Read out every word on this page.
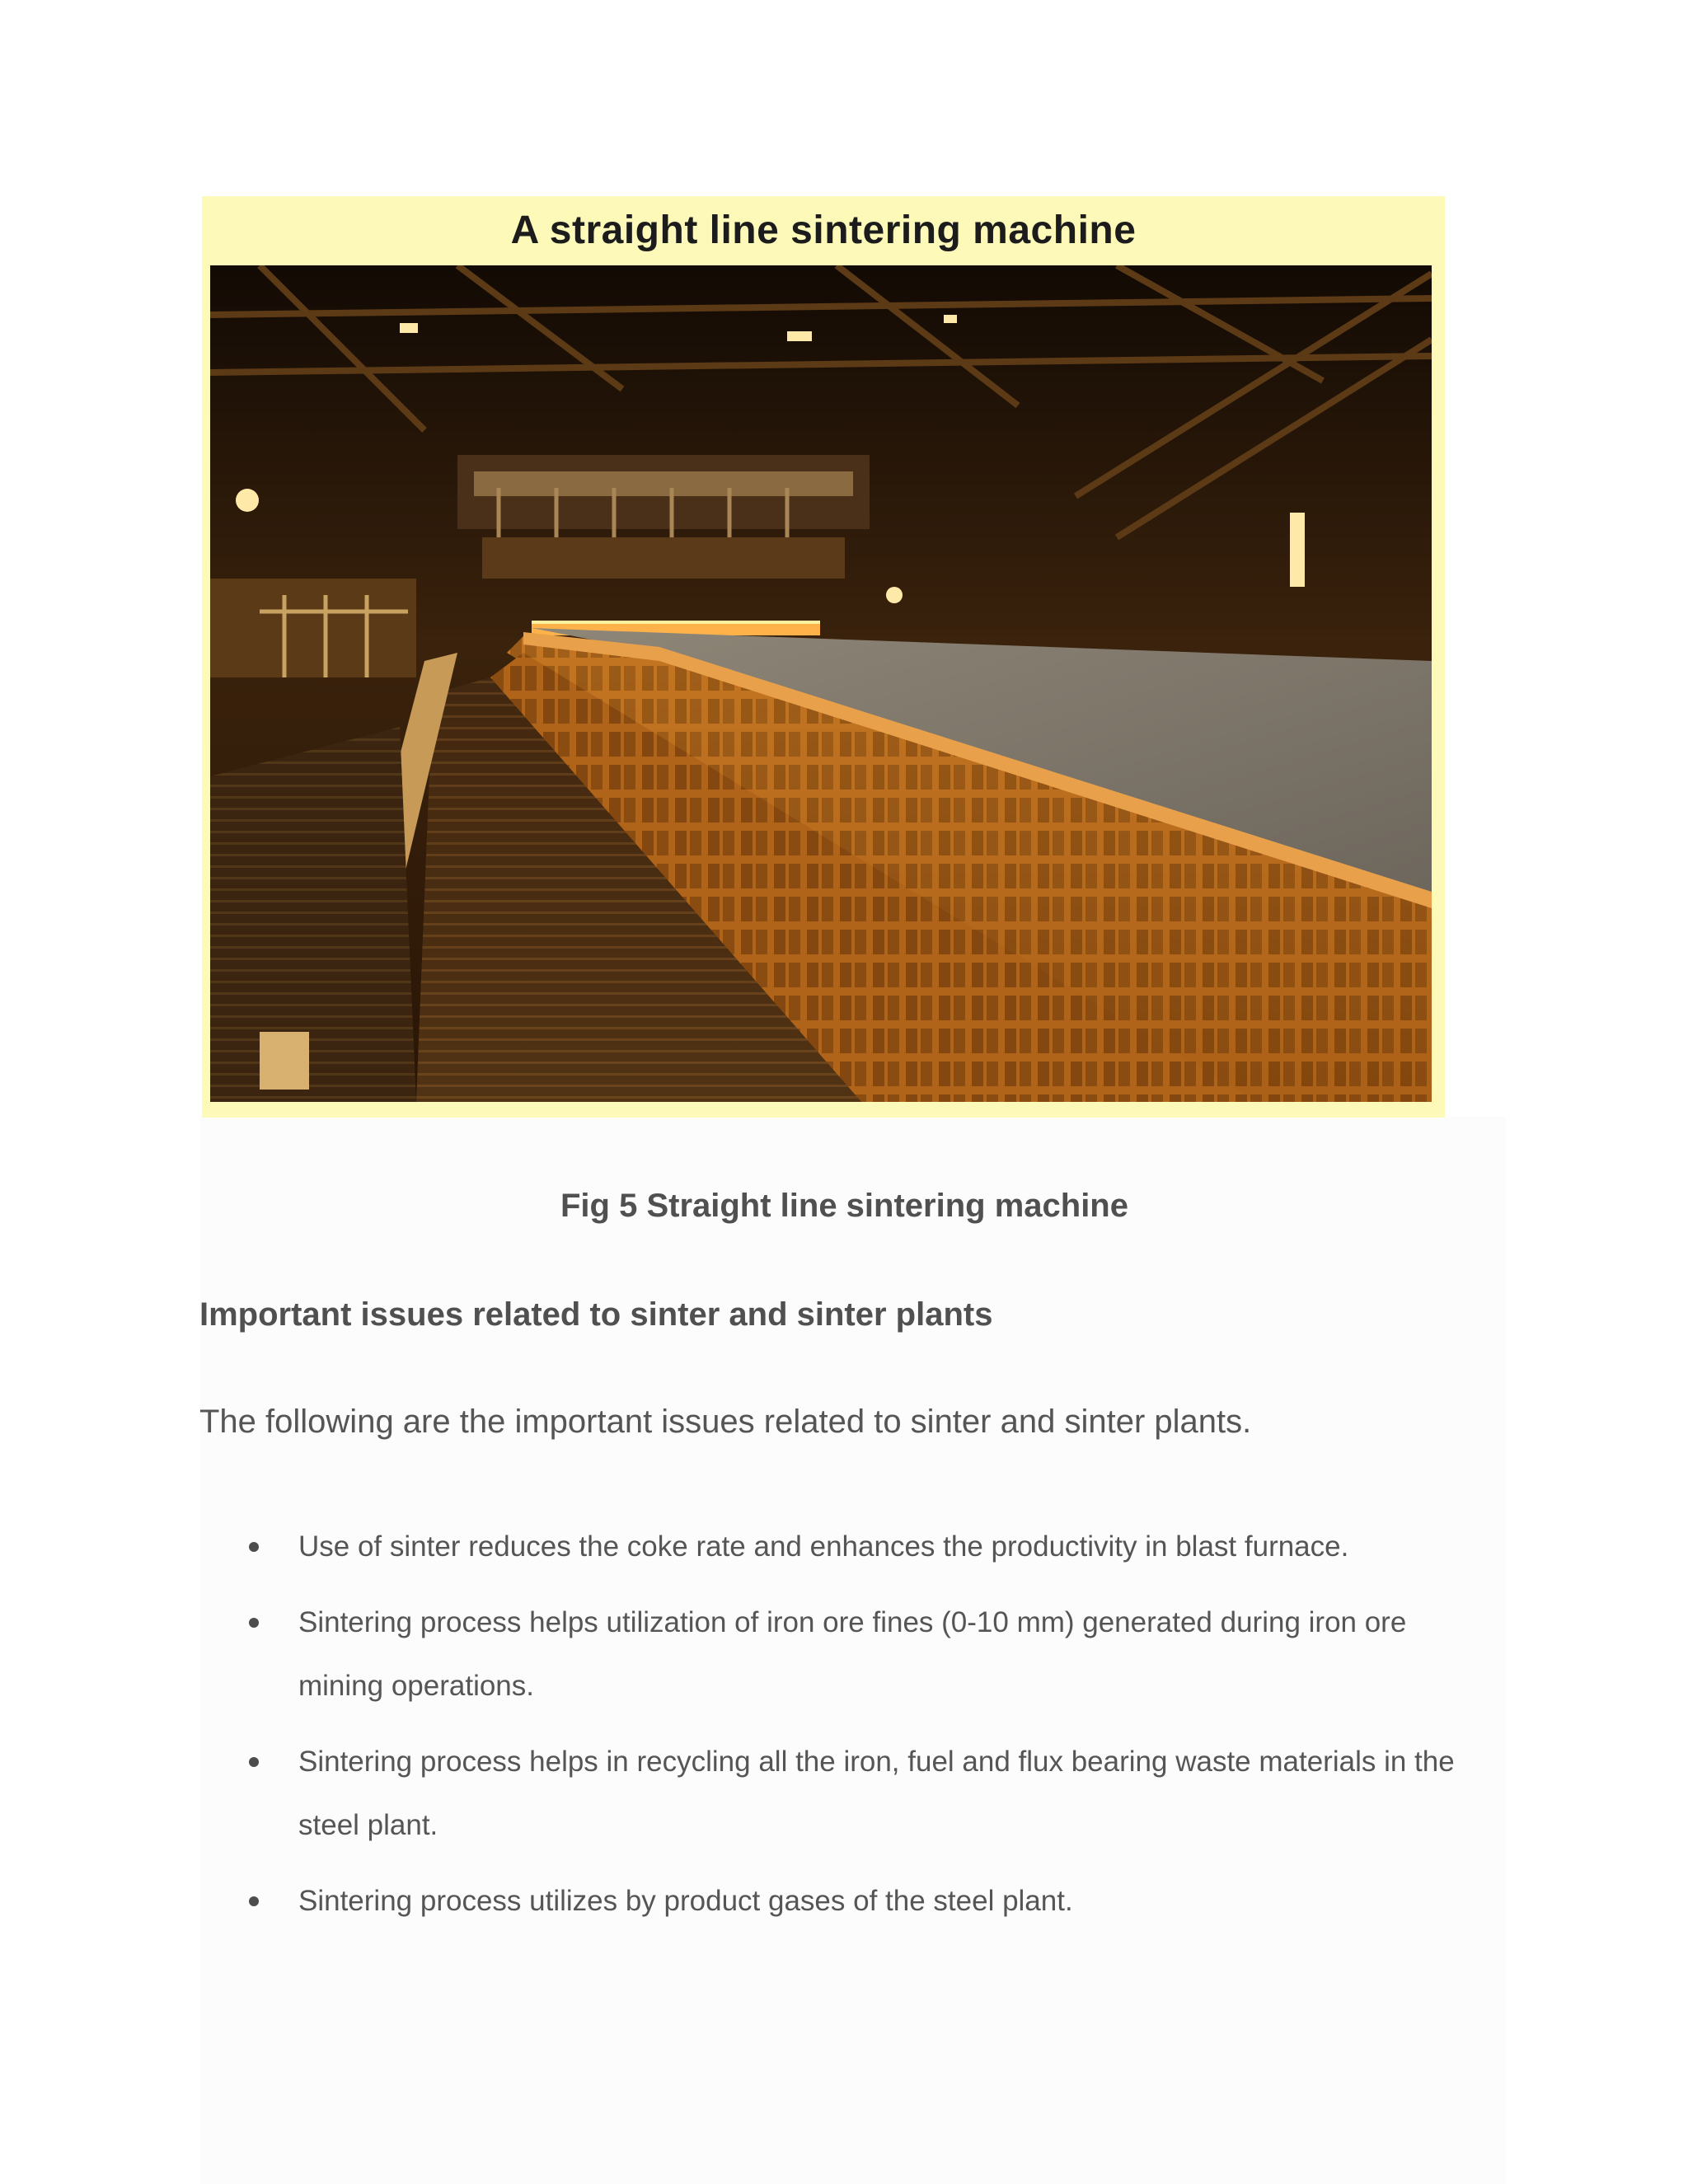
A straight line sintering machine
Fig 5 Straight line sintering machine
Important issues related to sinter and sinter plants
The following are the important issues related to sinter and sinter plants.
Use of sinter reduces the coke rate and enhances the productivity in blast furnace.
Sintering process helps utilization of iron ore fines (0-10 mm) generated during iron ore mining operations.
Sintering process helps in recycling all the iron, fuel and flux bearing waste materials in the steel plant.
Sintering process utilizes by product gases of the steel plant.
